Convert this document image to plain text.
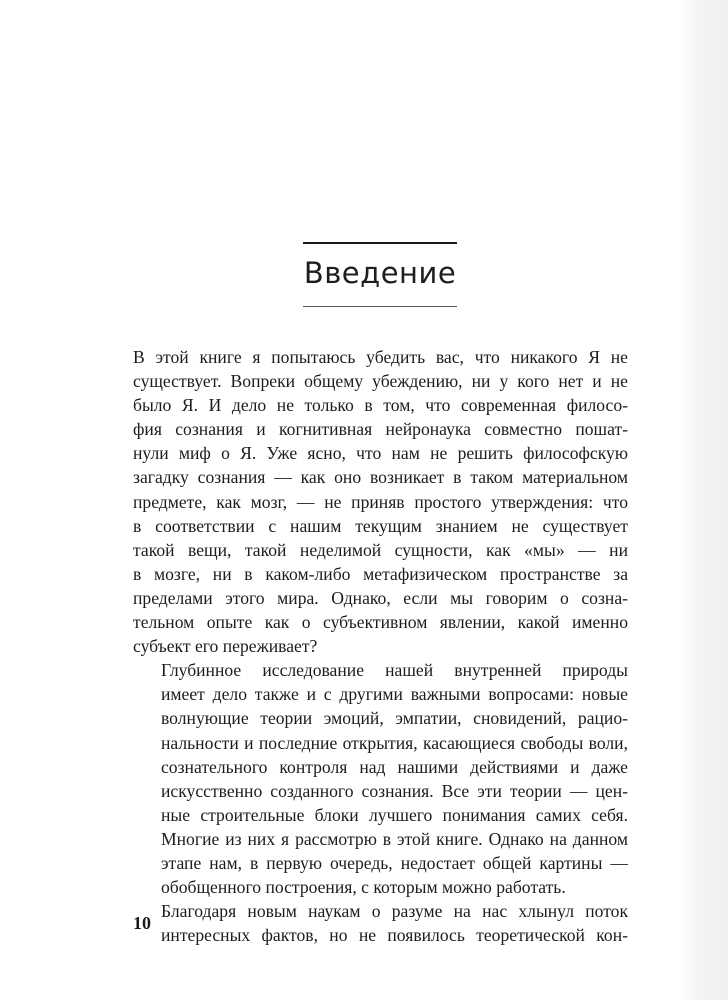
Введение

В этой книге я попытаюсь убедить вас, что никакого Я не
существует. Вопреки общему убеждению, ни у кого нет и не
было Я. И дело не только в том, что современная филосо-
фия сознания и когнитивная нейронаука совместно пошат-
нули миф о Я. Уже ясно, что нам не решить философскую
загадку сознания — как оно возникает в таком материальном
предмете, как мозг, — не приняв простого утверждения: что
в соответствии с нашим текущим знанием не существует
такой вещи, такой неделимой сущности, как «мы» — ни
в мозге, ни в каком-либо метафизическом пространстве за
пределами этого мира. Однако, если мы говорим о созна-
тельном опыте как о субъективном явлении, какой именно
субъект его переживает?

Глубинное исследование нашей внутренней природы
имеет дело также и с другими важными вопросами: новые
волнующие теории эмоций, эмпатии, сновидений, рацио-
нальности и последние открытия, касающиеся свободы воли,
сознательного контроля над нашими действиями и даже
искусственно созданного сознания. Все эти теории — цен-
ные строительные блоки лучшего понимания самих себя.
Многие из них я рассмотрю в этой книге. Однако на данном
этапе нам, в первую очередь, недостает общей картины —
обобщенного построения, с которым можно работать.

Благодаря новым наукам о разуме на нас хлынул поток
интересных фактов, но не появилось теоретической кон-

10
